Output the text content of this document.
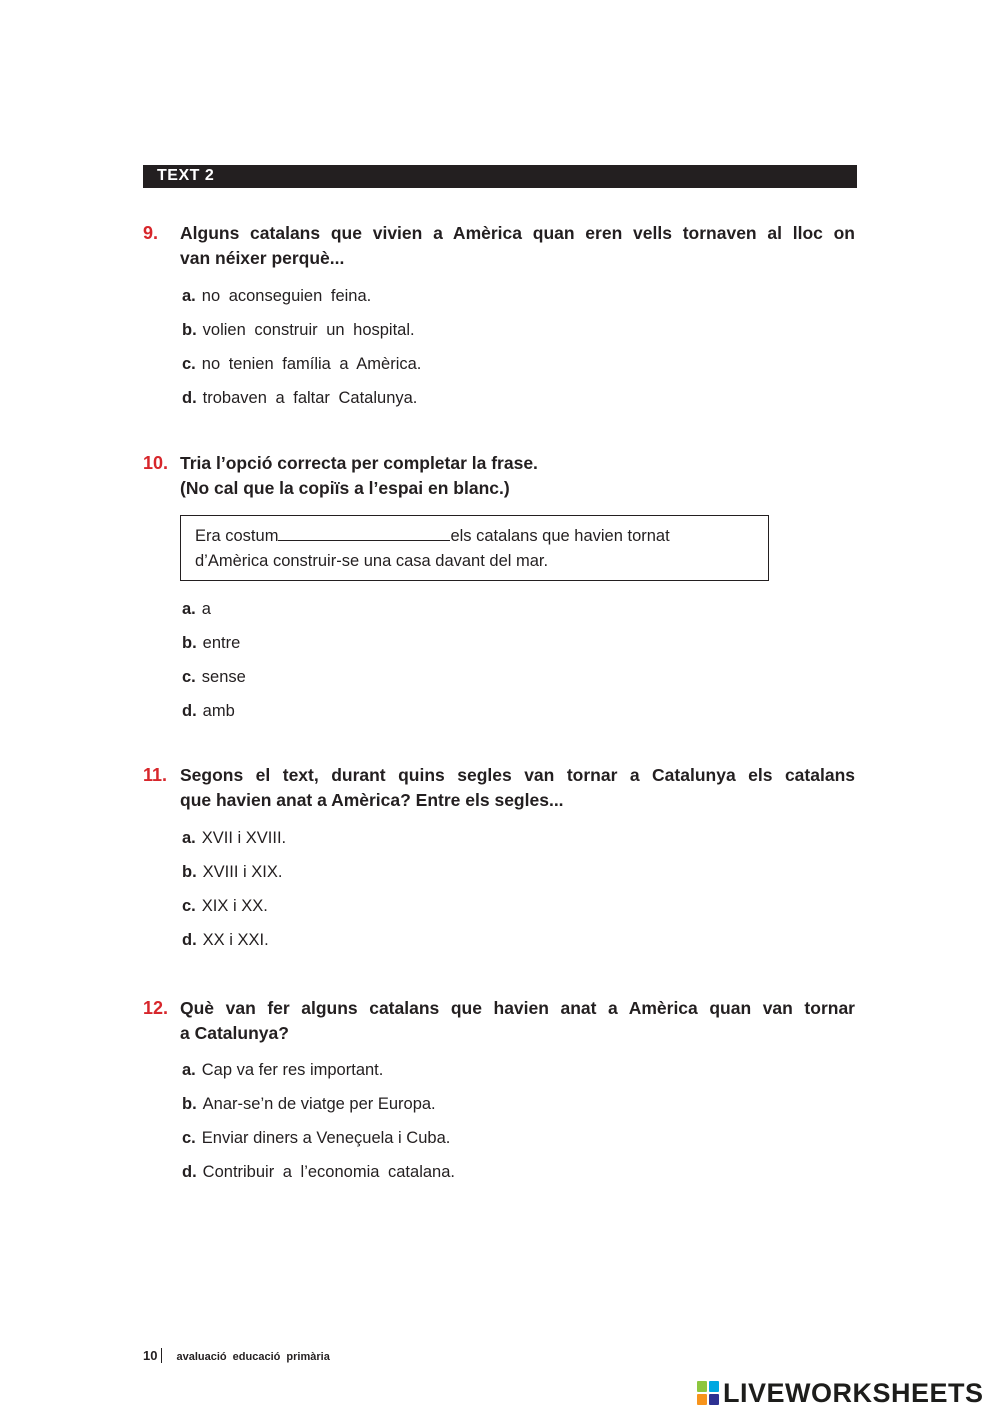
TEXT 2
9. Alguns catalans que vivien a Amèrica quan eren vells tornaven al lloc on
van néixer perquè...
a. no aconseguien feina.
b. volien construir un hospital.
c. no tenien família a Amèrica.
d. trobaven a faltar Catalunya.
10. Tria l’opció correcta per completar la frase.
(No cal que la copiïs a l’espai en blanc.)
Era costum	els catalans que havien tornat
d’Amèrica construir-se una casa davant del mar.
a. a
b. entre
c. sense
d. amb
11. Segons el text, durant quins segles van tornar a Catalunya els catalans
que havien anat a Amèrica? Entre els segles...
a. XVII i XVIII.
b. XVIII i XIX.
c. XIX i XX.
d. XX i XXI.
12. Què van fer alguns catalans que havien anat a Amèrica quan van tornar
a Catalunya?
a. Cap va fer res important.
b. Anar-se’n de viatge per Europa.
c. Enviar diners a Veneçuela i Cuba.
d. Contribuir a l’economia catalana.
10 avaluació educació primària
LIVEWORKSHEETS
